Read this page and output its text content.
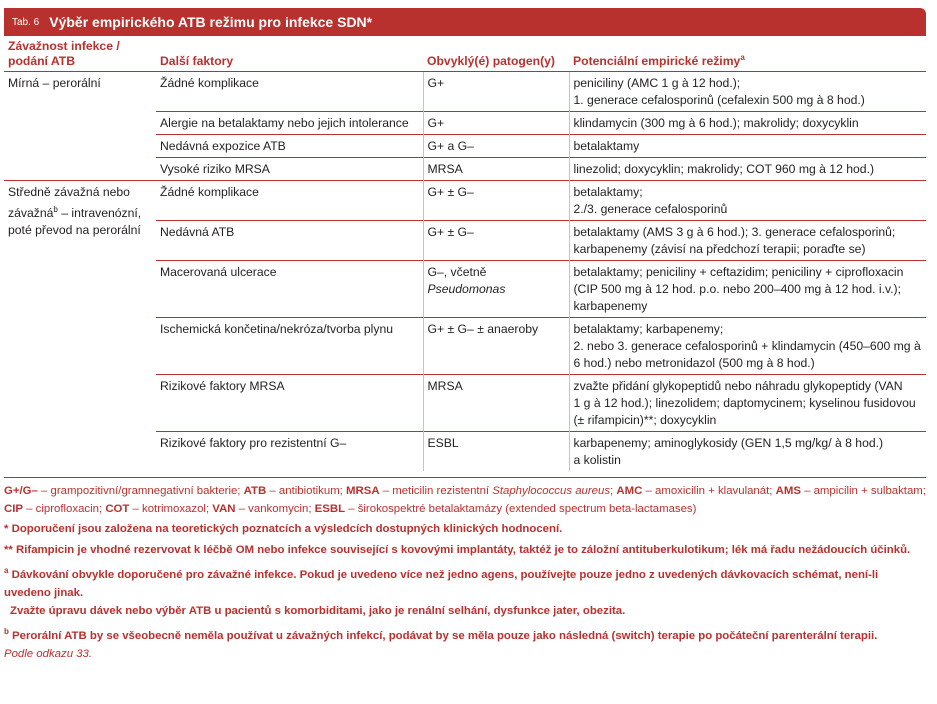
Tab. 6 Výběr empirického ATB režimu pro infekce SDN*
Závažnost infekce /
podání ATB	Další faktory	Obvyklý(é) patogen(y)	Potenciální empirické režimy$^a$
Mírná – perorální	Žádné komplikace	G+	peniciliny (AMC 1 g à 12 hod.);
1. generace cefalosporinů (cefalexin 500 mg à 8 hod.)
	Alergie na betalaktamy nebo jejich intolerance	G+	klindamycin (300 mg à 6 hod.); makrolidy; doxycyklin
	Nedávná expozice ATB	G+ a G–	betalaktamy
	Vysoké riziko MRSA	MRSA	linezolid; doxycyklin; makrolidy; COT 960 mg à 12 hod.)
Středně závažná nebo
závažná$^b$ – intravenózní,
poté převod na perorální	Žádné komplikace	G+ ± G–	betalaktamy;
2./3. generace cefalosporinů
	Nedávná ATB	G+ ± G–	betalaktamy (AMS 3 g à 6 hod.); 3. generace cefalosporinů;
karbapenemy (závisí na předchozí terapii; poraďte se)
	Macerovaná ulcerace	G–, včetně Pseudomonas	betalaktamy; peniciliny + ceftazidim; peniciliny + ciprofloxacin
(CIP 500 mg à 12 hod. p.o. nebo 200–400 mg à 12 hod. i.v.);
karbapenemy
	Ischemická končetina/nekróza/tvorba plynu	G+ ± G– ± anaeroby	betalaktamy; karbapenemy;
2. nebo 3. generace cefalosporinů + klindamycin (450–600 mg à
6 hod.) nebo metronidazol (500 mg à 8 hod.)
	Rizikové faktory MRSA	MRSA	zvažte přidání glykopeptidů nebo náhradu glykopeptidy (VAN
1 g à 12 hod.); linezolidem; daptomycinem; kyselinou fusidovou
(± rifampicin)**; doxycyklin
	Rizikové faktory pro rezistentní G–	ESBL	karbapenemy; aminoglykosidy (GEN 1,5 mg/kg/ à 8 hod.)
a kolistin

G+/G– – grampozitivní/gramnegativní bakterie; ATB – antibiotikum; MRSA – meticilin rezistentní Staphylococcus aureus; AMC – amoxicilin + klavulanát; AMS – ampicilin + sulbaktam;
CIP – ciprofloxacin; COT – kotrimoxazol; VAN – vankomycin; ESBL – širokospektré betalaktamázy (extended spectrum beta-lactamases)

* Doporučení jsou založena na teoretických poznatcích a výsledcích dostupných klinických hodnocení.

** Rifampicin je vhodné rezervovat k léčbě OM nebo infekce související s kovovými implantáty, taktéž je to záložní antituberkulotikum; lék má řadu nežádoucích účinků.

$^a$ Dávkování obvykle doporučené pro závažné infekce. Pokud je uvedeno více než jedno agens, používejte pouze jedno z uvedených dávkovacích schémat, není-li uvedeno jinak.
Zvažte úpravu dávek nebo výběr ATB u pacientů s komorbiditami, jako je renální selhání, dysfunkce jater, obezita.

$^b$ Perorální ATB by se všeobecně neměla používat u závažných infekcí, podávat by se měla pouze jako následná (switch) terapie po počáteční parenterální terapii.

Podle odkazu 33.
